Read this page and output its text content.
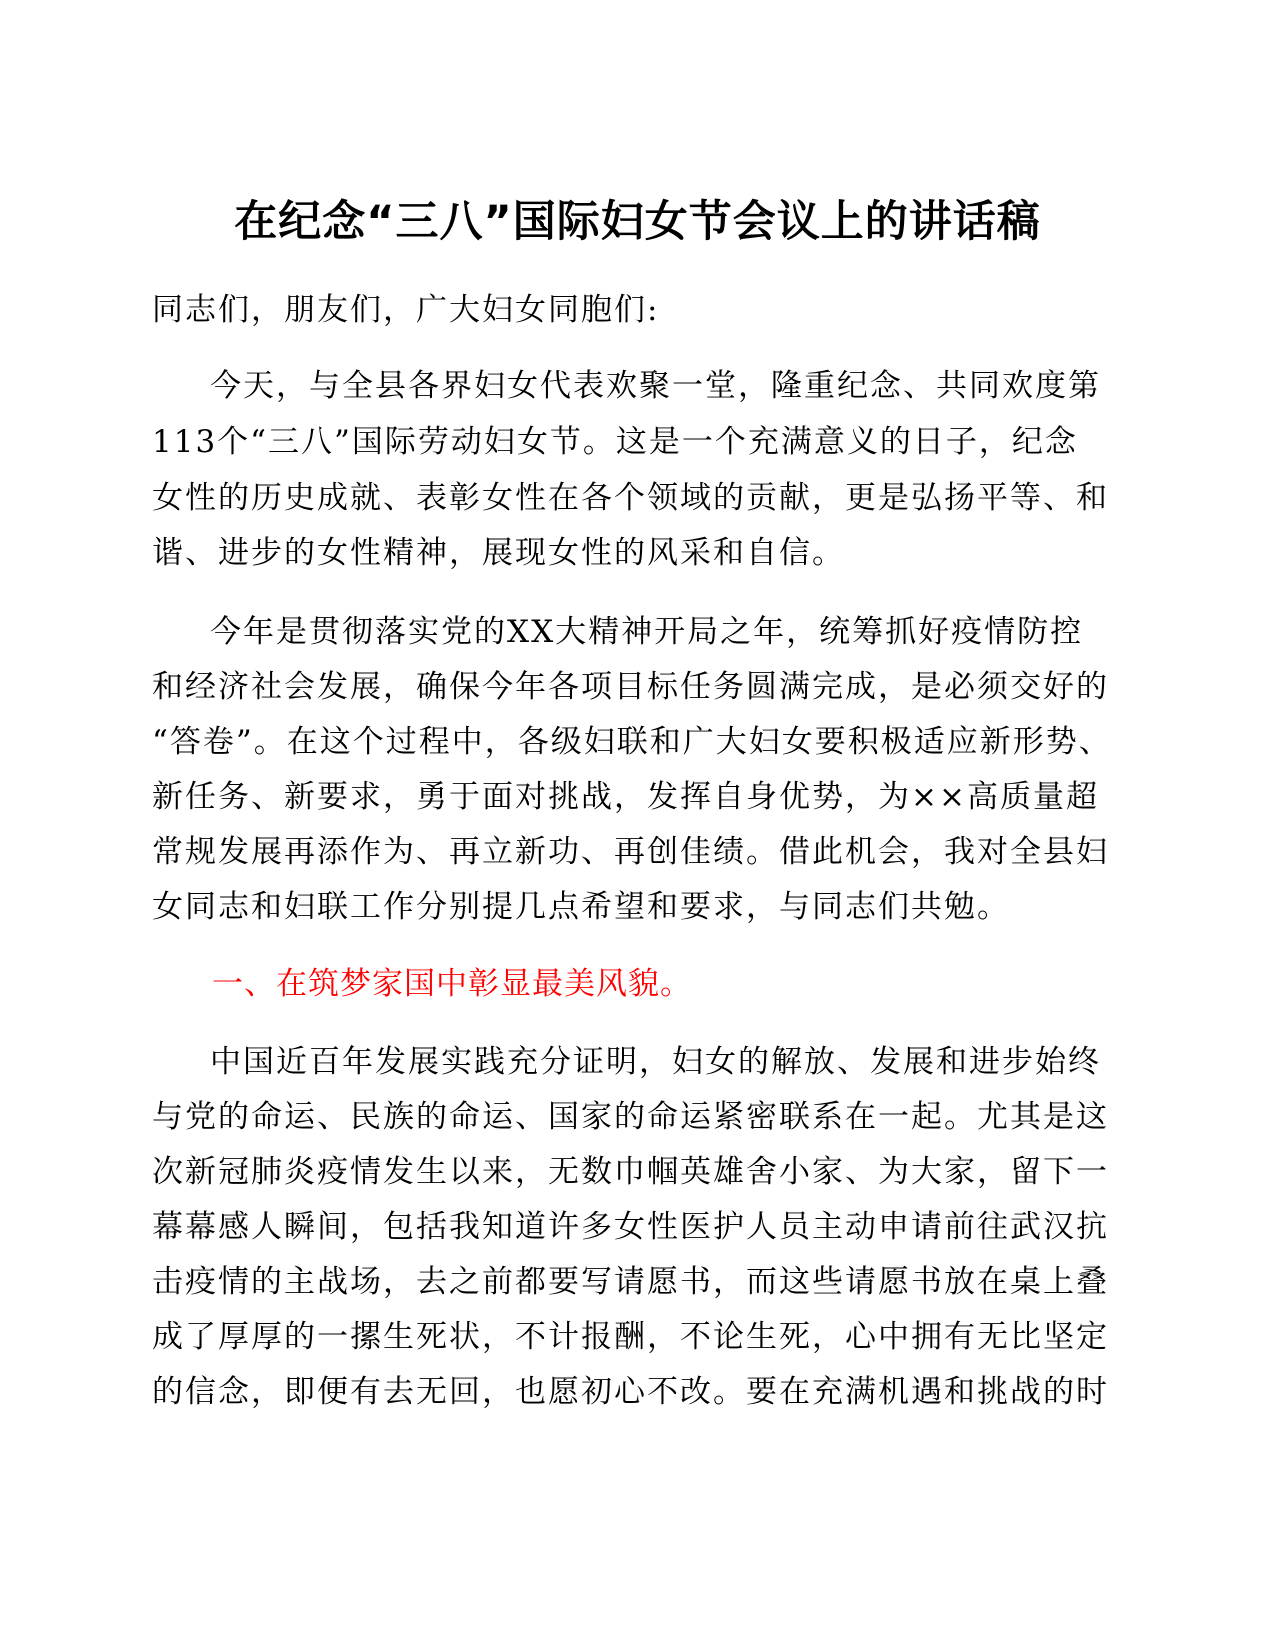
在纪念“三八”国际妇女节会议上的讲话稿
同志们，朋友们，广大妇女同胞们:
今天，与全县各界妇女代表欢聚一堂，隆重纪念、共同欢度第
113个“三八”国际劳动妇女节。这是一个充满意义的日子，纪念
女性的历史成就、表彰女性在各个领域的贡献，更是弘扬平等、和
谐、进步的女性精神，展现女性的风采和自信。
今年是贯彻落实党的XX大精神开局之年，统筹抓好疫情防控
和经济社会发展，确保今年各项目标任务圆满完成，是必须交好的
“答卷”。在这个过程中，各级妇联和广大妇女要积极适应新形势、
新任务、新要求，勇于面对挑战，发挥自身优势，为××高质量超
常规发展再添作为、再立新功、再创佳绩。借此机会，我对全县妇
女同志和妇联工作分别提几点希望和要求，与同志们共勉。
一、在筑梦家国中彰显最美风貌。
中国近百年发展实践充分证明，妇女的解放、发展和进步始终
与党的命运、民族的命运、国家的命运紧密联系在一起。尤其是这
次新冠肺炎疫情发生以来，无数巾帼英雄舍小家、为大家，留下一
幕幕感人瞬间，包括我知道许多女性医护人员主动申请前往武汉抗
击疫情的主战场，去之前都要写请愿书，而这些请愿书放在桌上叠
成了厚厚的一摞生死状，不计报酬，不论生死，心中拥有无比坚定
的信念，即便有去无回，也愿初心不改。要在充满机遇和挑战的时
